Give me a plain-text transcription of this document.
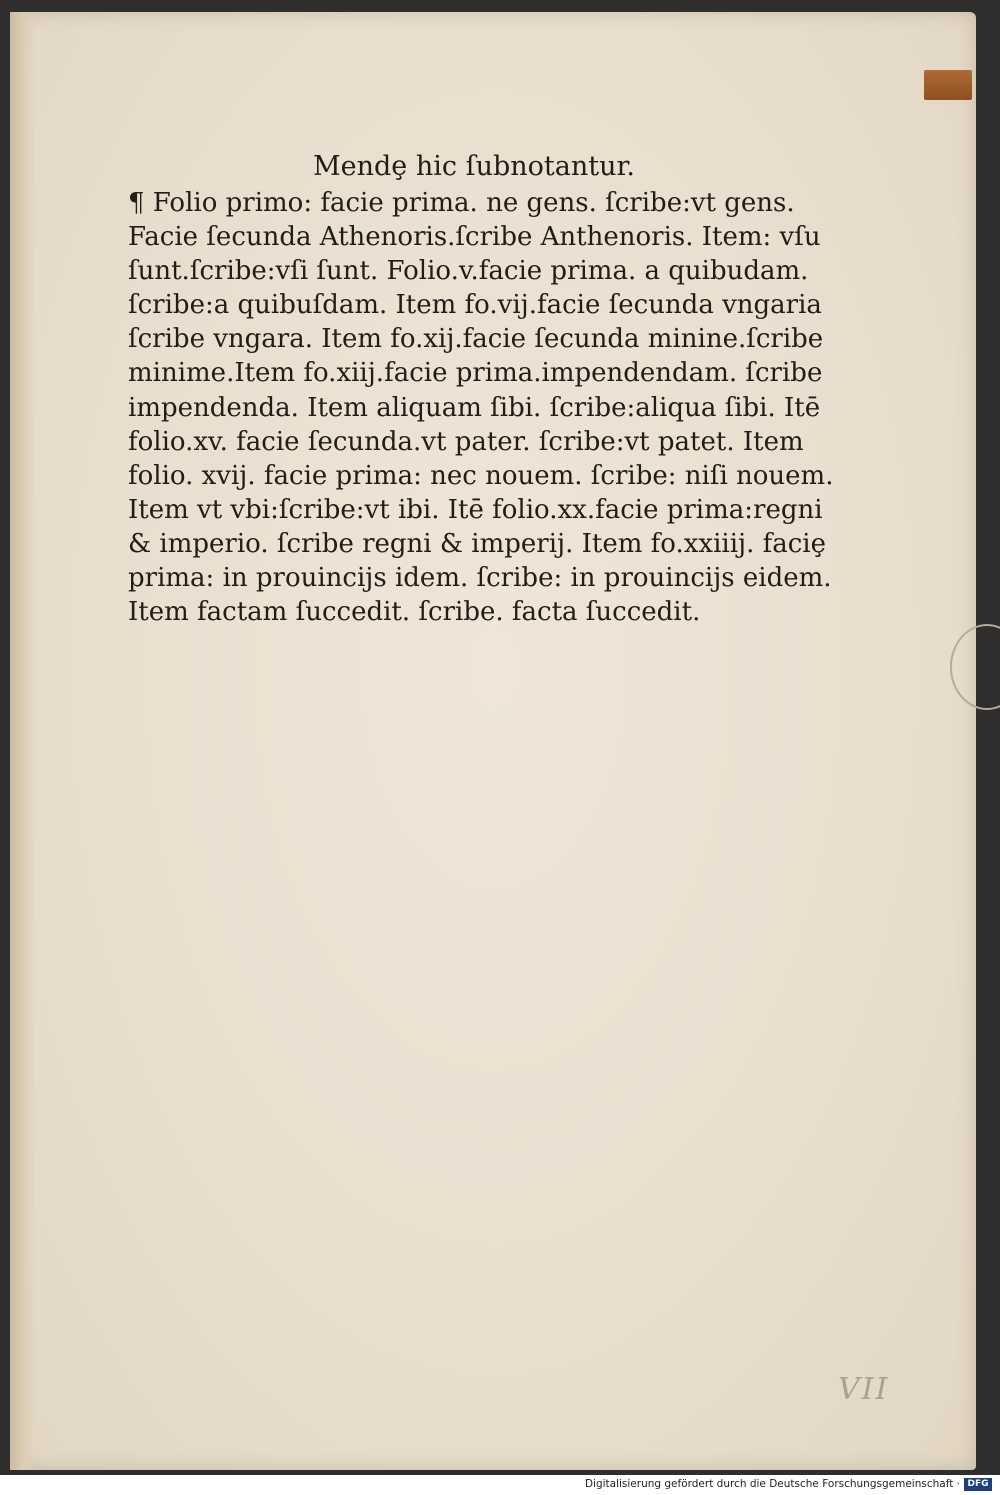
Mendȩ hic ſubnotantur.
¶ Folio primo: facie prima. ne gens. ſcribe:vt gens.
Facie ſecunda Athenoris.ſcribe Anthenoris. Item: vſu
ſunt.ſcribe:vſi ſunt. Folio.v.facie prima. a quibudam.
ſcribe:a quibuſdam. Item fo.vij.facie ſecunda vngaria
ſcribe vngara. Item fo.xij.facie ſecunda minine.ſcribe
minime.Item fo.xiij.facie prima.impendendam. ſcribe
impendenda. Item aliquam ſibi. ſcribe:aliqua ſibi. Itē
folio.xv. facie ſecunda.vt pater. ſcribe:vt patet. Item
folio. xvij. facie prima: nec nouem. ſcribe: niſi nouem.
Item vt vbi:ſcribe:vt ibi. Itē folio.xx.facie prima:regni
& imperio. ſcribe regni & imperij. Item fo.xxiiij. faciȩ
prima: in prouincijs idem. ſcribe: in prouincijs eidem.
Item factam ſuccedit. ſcribe. facta ſuccedit.
VII
Digitalisierung gefördert durch die Deutsche Forschungsgemeinschaft · DFG
